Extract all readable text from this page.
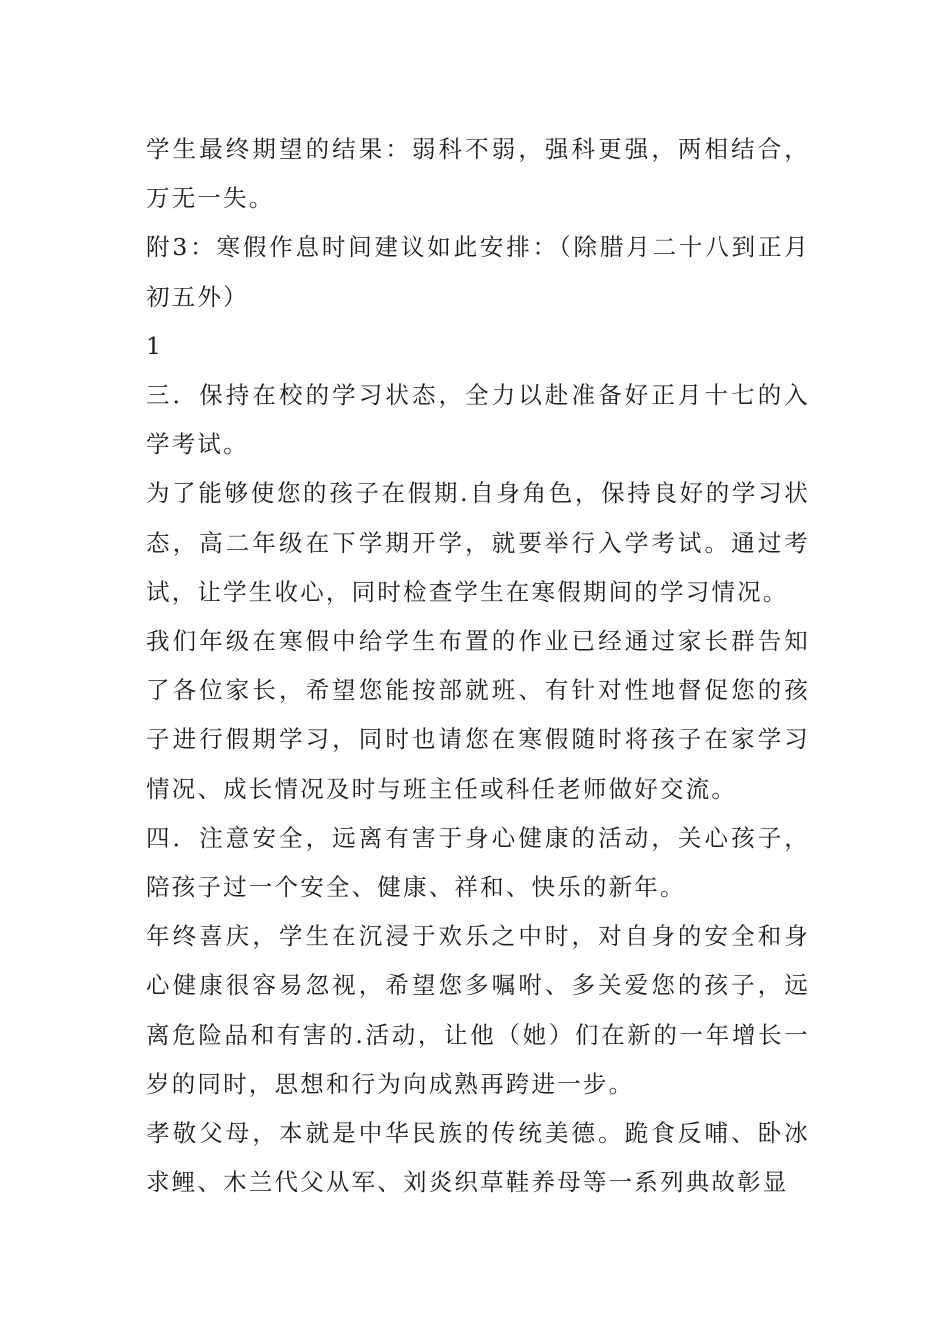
学生最终期望的结果：弱科不弱，强科更强，两相结合，万无一失。

附3：寒假作息时间建议如此安排：（除腊月二十八到正月初五外）

1

三．保持在校的学习状态，全力以赴准备好正月十七的入学考试。

为了能够使您的孩子在假期.自身角色，保持良好的学习状态，高二年级在下学期开学，就要举行入学考试。通过考试，让学生收心，同时检查学生在寒假期间的学习情况。

我们年级在寒假中给学生布置的作业已经通过家长群告知了各位家长，希望您能按部就班、有针对性地督促您的孩子进行假期学习，同时也请您在寒假随时将孩子在家学习情况、成长情况及时与班主任或科任老师做好交流。

四．注意安全，远离有害于身心健康的活动，关心孩子，陪孩子过一个安全、健康、祥和、快乐的新年。

年终喜庆，学生在沉浸于欢乐之中时，对自身的安全和身心健康很容易忽视，希望您多嘱咐、多关爱您的孩子，远离危险品和有害的.活动，让他（她）们在新的一年增长一岁的同时，思想和行为向成熟再跨进一步。

孝敬父母，本就是中华民族的传统美德。跪食反哺、卧冰求鲤、木兰代父从军、刘炎织草鞋养母等一系列典故彰显
